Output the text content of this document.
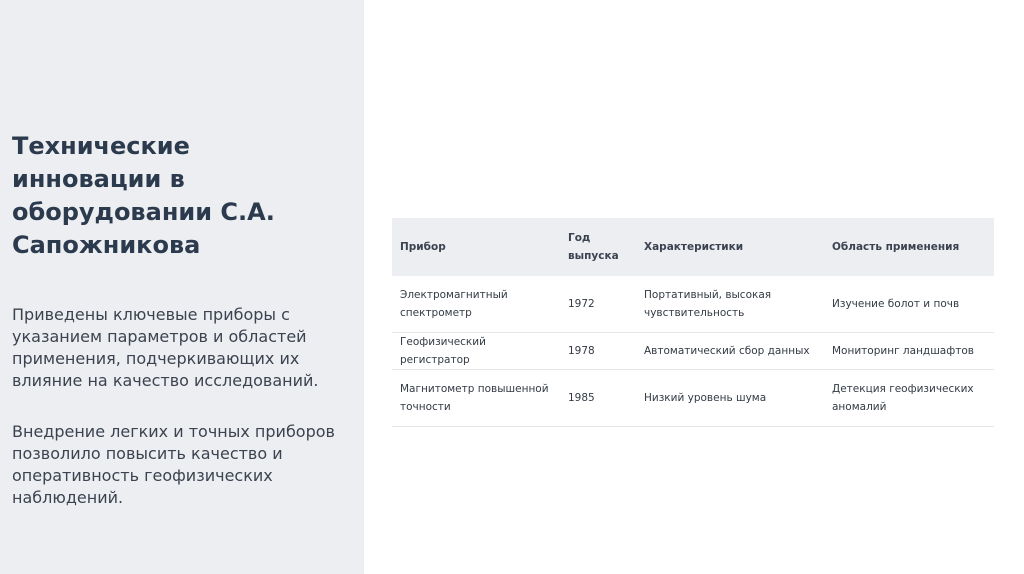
Технические инновации в оборудовании С.А. Сапожникова

Приведены ключевые приборы с указанием параметров и областей применения, подчеркивающих их влияние на качество исследований.

Внедрение легких и точных приборов позволило повысить качество и оперативность геофизических наблюдений.

Прибор	Год выпуска	Характеристики	Область применения
Электромагнитный спектрометр	1972	Портативный, высокая чувствительность	Изучение болот и почв
Геофизический регистратор	1978	Автоматический сбор данных	Мониторинг ландшафтов
Магнитометр повышенной точности	1985	Низкий уровень шума	Детекция геофизических аномалий
